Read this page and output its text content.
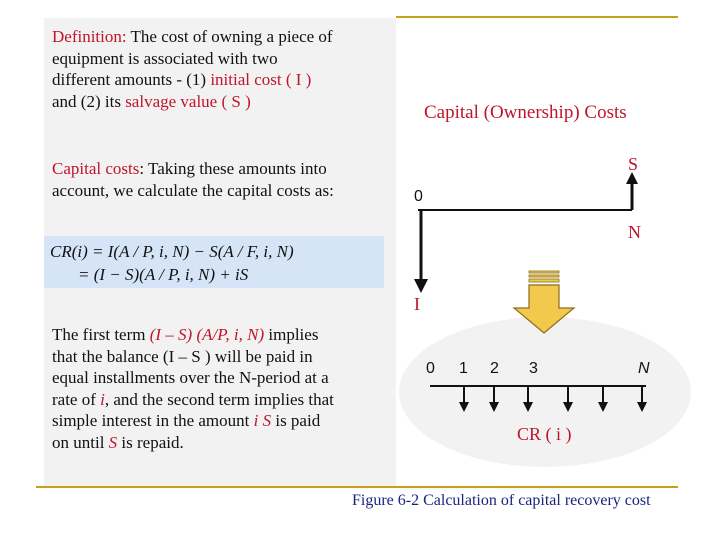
Definition: The cost of owning a piece of
equipment is associated with two
different amounts - (1) initial cost ( I )
and (2) its salvage value ( S )
Capital costs: Taking these amounts into
account, we calculate the capital costs as:
CR(i) = I(A / P, i, N) − S(A / F, i, N)
= (I − S)(A / P, i, N) + iS
The first term (I – S) (A/P, i, N) implies
that the balance (I – S ) will be paid in
equal installments over the N-period at a
rate of i, and the second term implies that
simple interest in the amount i S is paid
on until S is repaid.
Capital (Ownership) Costs
S
0
N
I
0 1 2 3	N
CR ( i )
Figure 6-2 Calculation of capital recovery cost
